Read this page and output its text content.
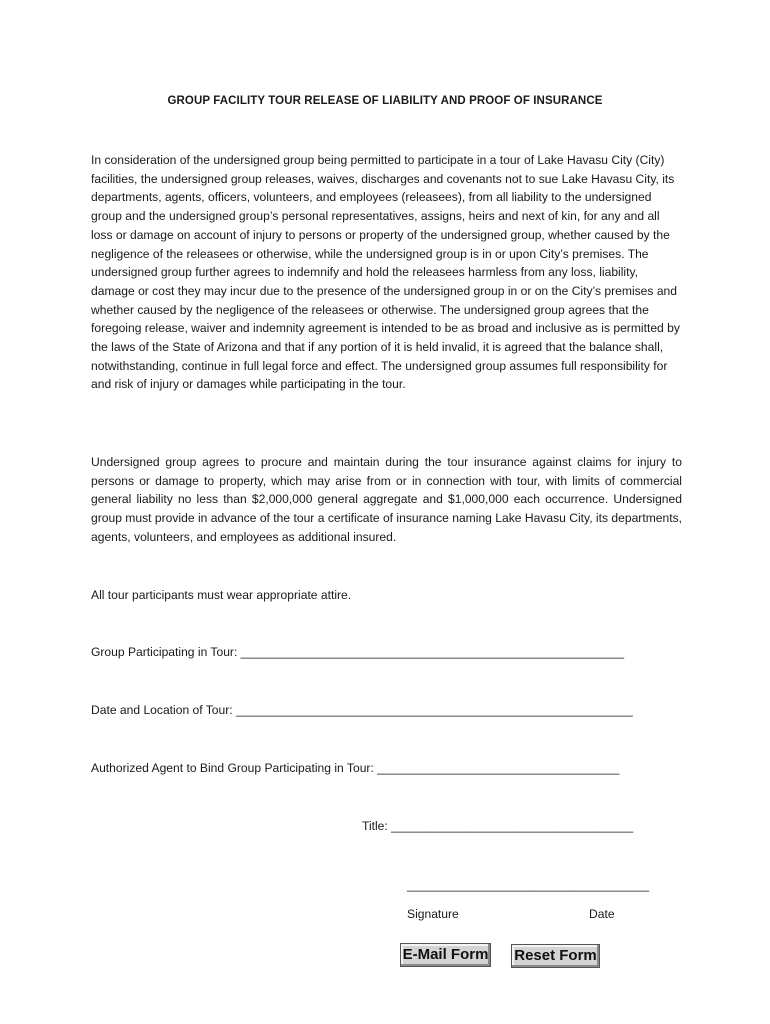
GROUP FACILITY TOUR RELEASE OF LIABILITY AND PROOF OF INSURANCE

In consideration of the undersigned group being permitted to participate in a tour of Lake Havasu City (City) facilities, the undersigned group releases, waives, discharges and covenants not to sue Lake Havasu City, its departments, agents, officers, volunteers, and employees (releasees), from all liability to the undersigned group and the undersigned group’s personal representatives, assigns, heirs and next of kin, for any and all loss or damage on account of injury to persons or property of the undersigned group, whether caused by the negligence of the releasees or otherwise, while the undersigned group is in or upon City’s premises. The undersigned group further agrees to indemnify and hold the releasees harmless from any loss, liability, damage or cost they may incur due to the presence of the undersigned group in or on the City’s premises and whether caused by the negligence of the releasees or otherwise. The undersigned group agrees that the foregoing release, waiver and indemnity agreement is intended to be as broad and inclusive as is permitted by the laws of the State of Arizona and that if any portion of it is held invalid, it is agreed that the balance shall, notwithstanding, continue in full legal force and effect. The undersigned group assumes full responsibility for and risk of injury or damages while participating in the tour.

Undersigned group agrees to procure and maintain during the tour insurance against claims for injury to persons or damage to property, which may arise from or in connection with tour, with limits of commercial general liability no less than $2,000,000 general aggregate and $1,000,000 each occurrence. Undersigned group must provide in advance of the tour a certificate of insurance naming Lake Havasu City, its departments, agents, volunteers, and employees as additional insured.

All tour participants must wear appropriate attire.

Group Participating in Tour: _________________________________________________________
Date and Location of Tour: ___________________________________________________________
Authorized Agent to Bind Group Participating in Tour: ____________________________________
Title: ____________________________________
____________________________________
Signature	Date
E-Mail Form Reset Form
